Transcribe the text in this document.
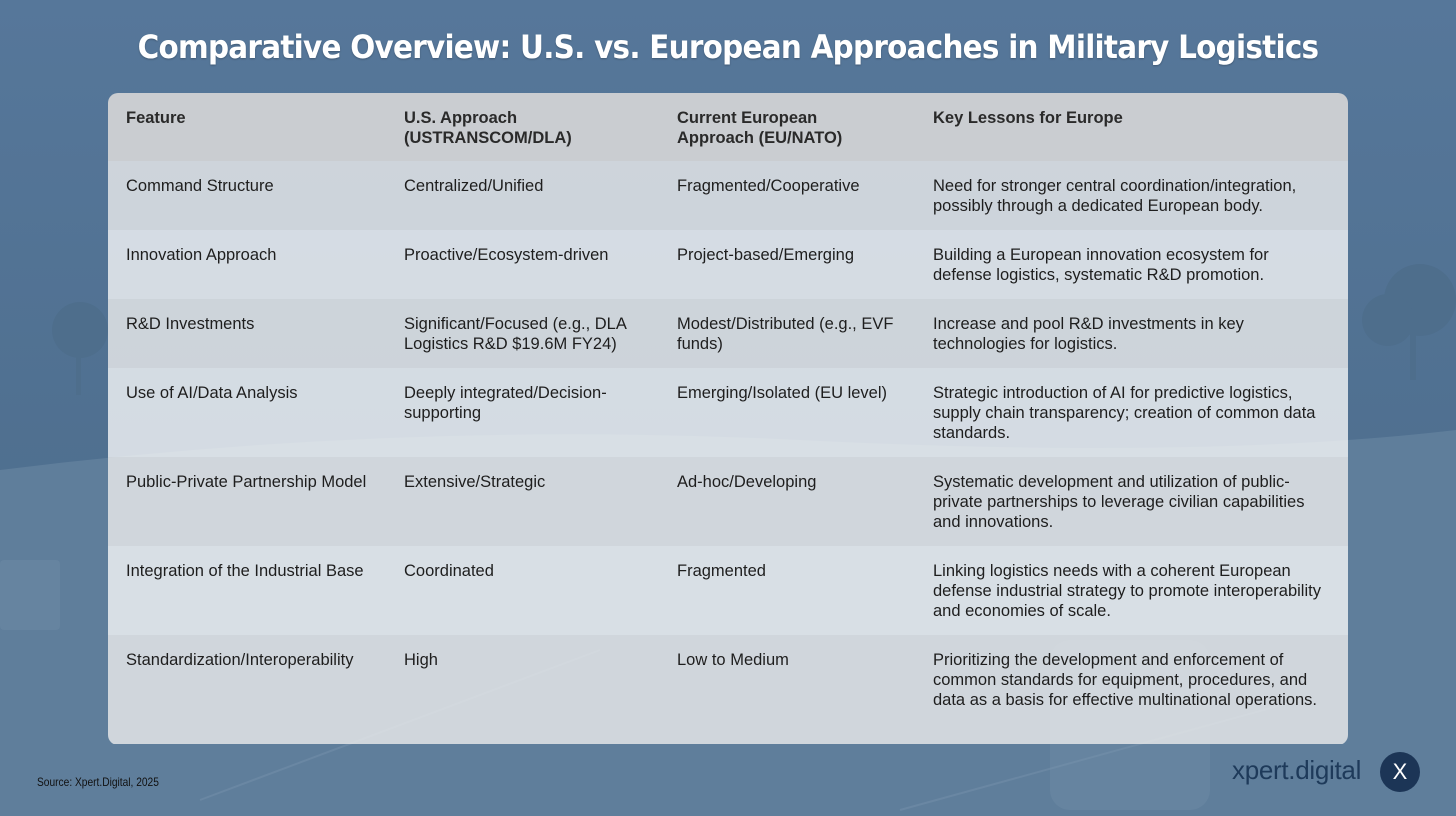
Comparative Overview: U.S. vs. European Approaches in Military Logistics
Feature	U.S. Approach (USTRANSCOM/DLA)	Current European Approach (EU/NATO)	Key Lessons for Europe
Command Structure	Centralized/Unified	Fragmented/Cooperative	Need for stronger central coordination/integration, possibly through a dedicated European body.
Innovation Approach	Proactive/Ecosystem-driven	Project-based/Emerging	Building a European innovation ecosystem for defense logistics, systematic R&D promotion.
R&D Investments	Significant/Focused (e.g., DLA Logistics R&D $19.6M FY24)	Modest/Distributed (e.g., EVF funds)	Increase and pool R&D investments in key technologies for logistics.
Use of AI/Data Analysis	Deeply integrated/Decision-supporting	Emerging/Isolated (EU level)	Strategic introduction of AI for predictive logistics, supply chain transparency; creation of common data standards.
Public-Private Partnership Model	Extensive/Strategic	Ad-hoc/Developing	Systematic development and utilization of public-private partnerships to leverage civilian capabilities and innovations.
Integration of the Industrial Base	Coordinated	Fragmented	Linking logistics needs with a coherent European defense industrial strategy to promote interoperability and economies of scale.
Standardization/Interoperability	High	Low to Medium	Prioritizing the development and enforcement of common standards for equipment, procedures, and data as a basis for effective multinational operations.
Source: Xpert.Digital, 2025	xpert.digital	X
